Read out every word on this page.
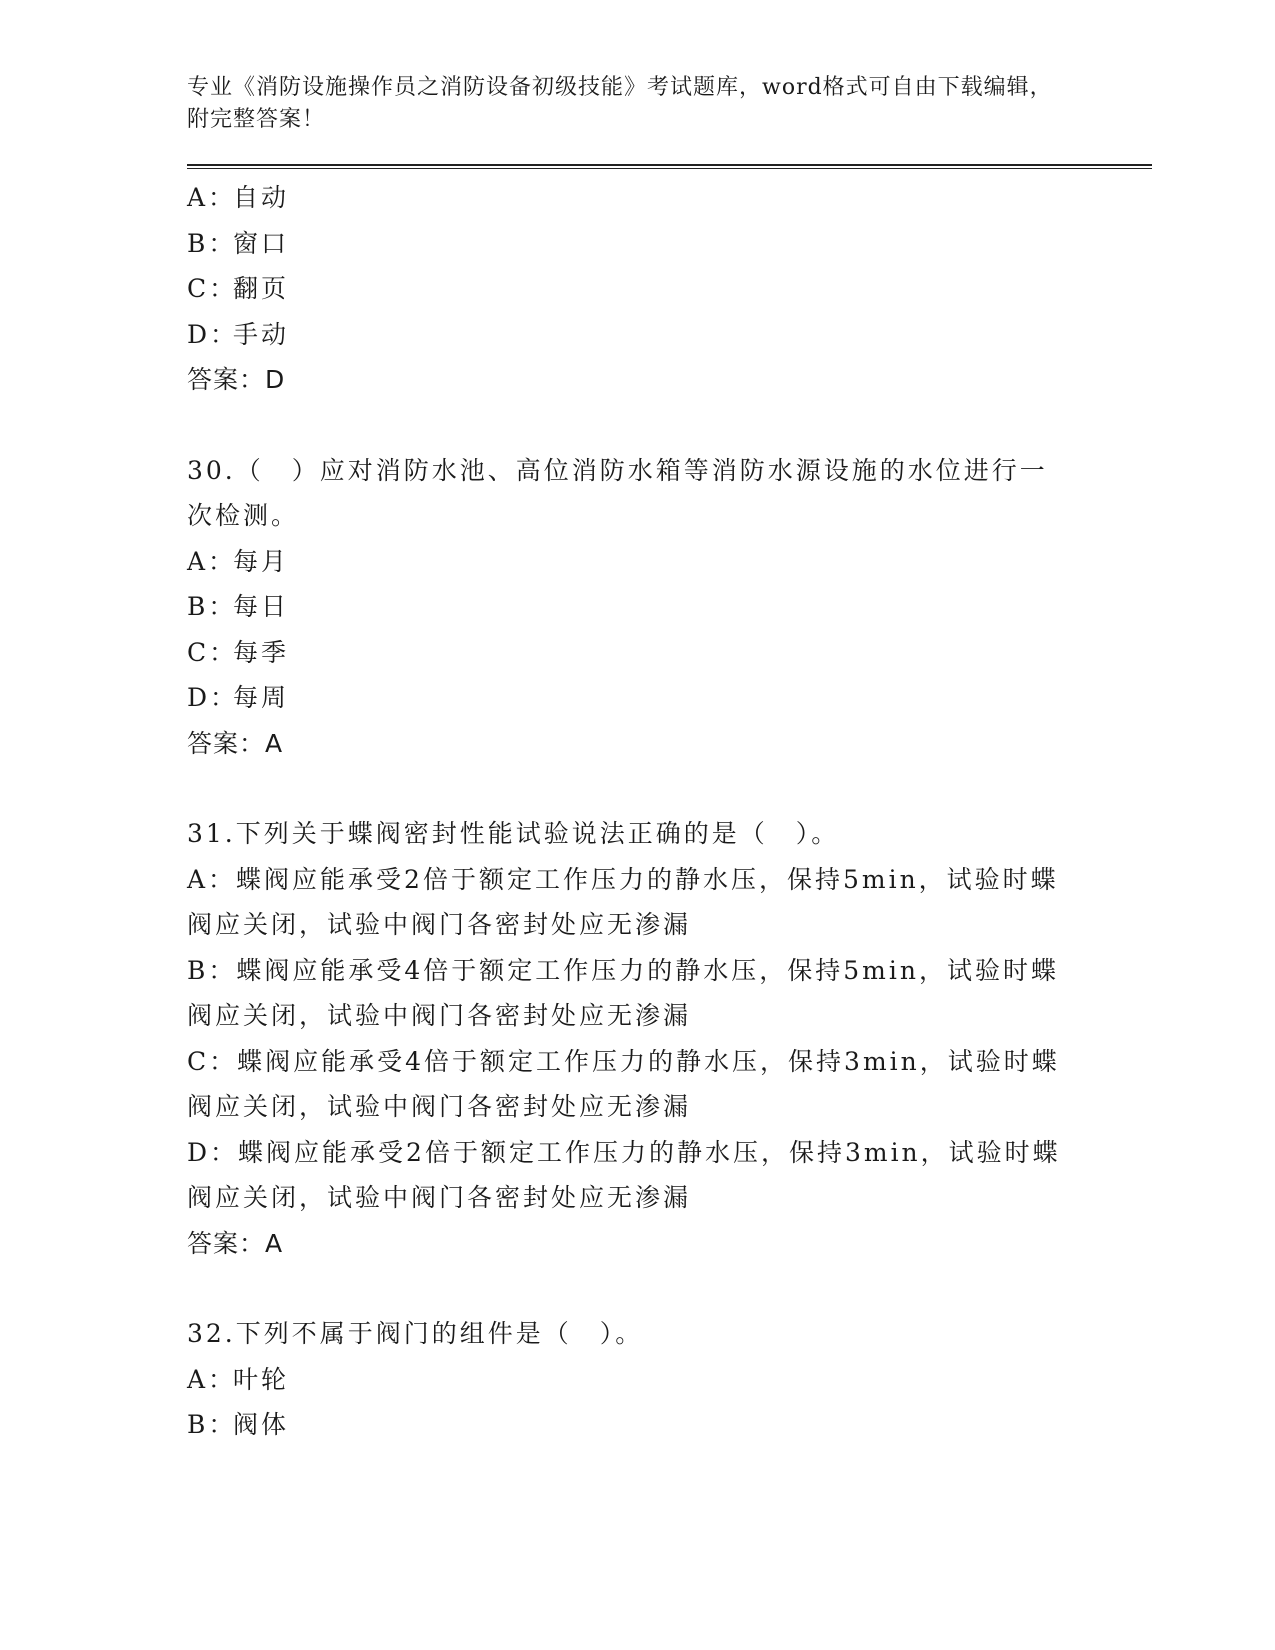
专业《消防设施操作员之消防设备初级技能》考试题库，word格式可自由下载编辑，附完整答案！
A：
自动
B：
窗口
C：
翻页
D：
手动
答案：D
30.（　）应对消防水池、高位消防水箱等消防水源设施的水位进行一
次检测。
A：
每月
B：
每日
C：
每季
D：
每周
答案：A
31.下列关于蝶阀密封性能试验说法正确的是（　）。
A：蝶阀应能承受2倍于额定工作压力的静水压，保持5min，试验时蝶
阀应关闭，试验中阀门各密封处应无渗漏
B：蝶阀应能承受4倍于额定工作压力的静水压，保持5min，试验时蝶
阀应关闭，试验中阀门各密封处应无渗漏
C：蝶阀应能承受4倍于额定工作压力的静水压，保持3min，试验时蝶
阀应关闭，试验中阀门各密封处应无渗漏
D：蝶阀应能承受2倍于额定工作压力的静水压，保持3min，试验时蝶
阀应关闭，试验中阀门各密封处应无渗漏
答案：A
32.下列不属于阀门的组件是（　）。
A：
叶轮
B：
阀体
